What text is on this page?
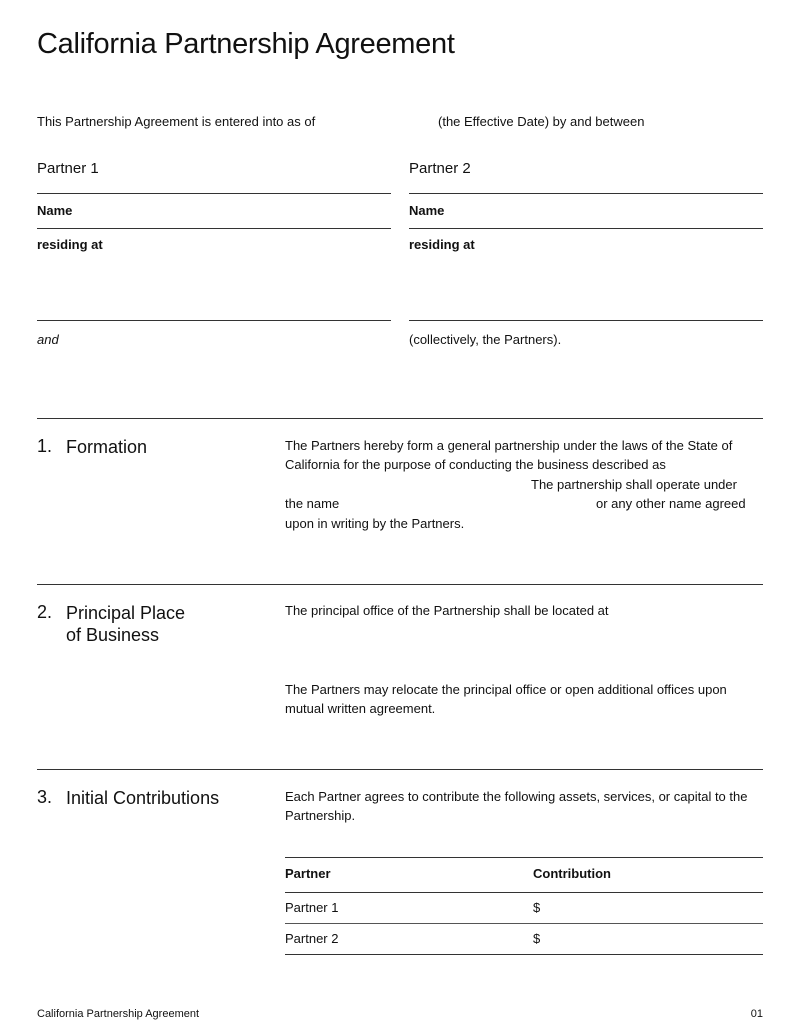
California Partnership Agreement
This Partnership Agreement is entered into as of	(the Effective Date) by and between
Partner 1
Name
residing at
and
Partner 2
Name
residing at
(collectively, the Partners).
1. Formation	The Partners hereby form a general partnership under the laws of the State of
California for the purpose of conducting the business described as
The partnership shall operate under
the name	or any other name agreed
upon in writing by the Partners.
2. Principal Place
of Business
The principal office of the Partnership shall be located at
The Partners may relocate the principal office or open additional offices upon
mutual written agreement.
3. Initial Contributions	Each Partner agrees to contribute the following assets, services, or capital to the
Partnership.
Partner	Contribution
Partner 1	$
Partner 2	$
California Partnership Agreement	01
